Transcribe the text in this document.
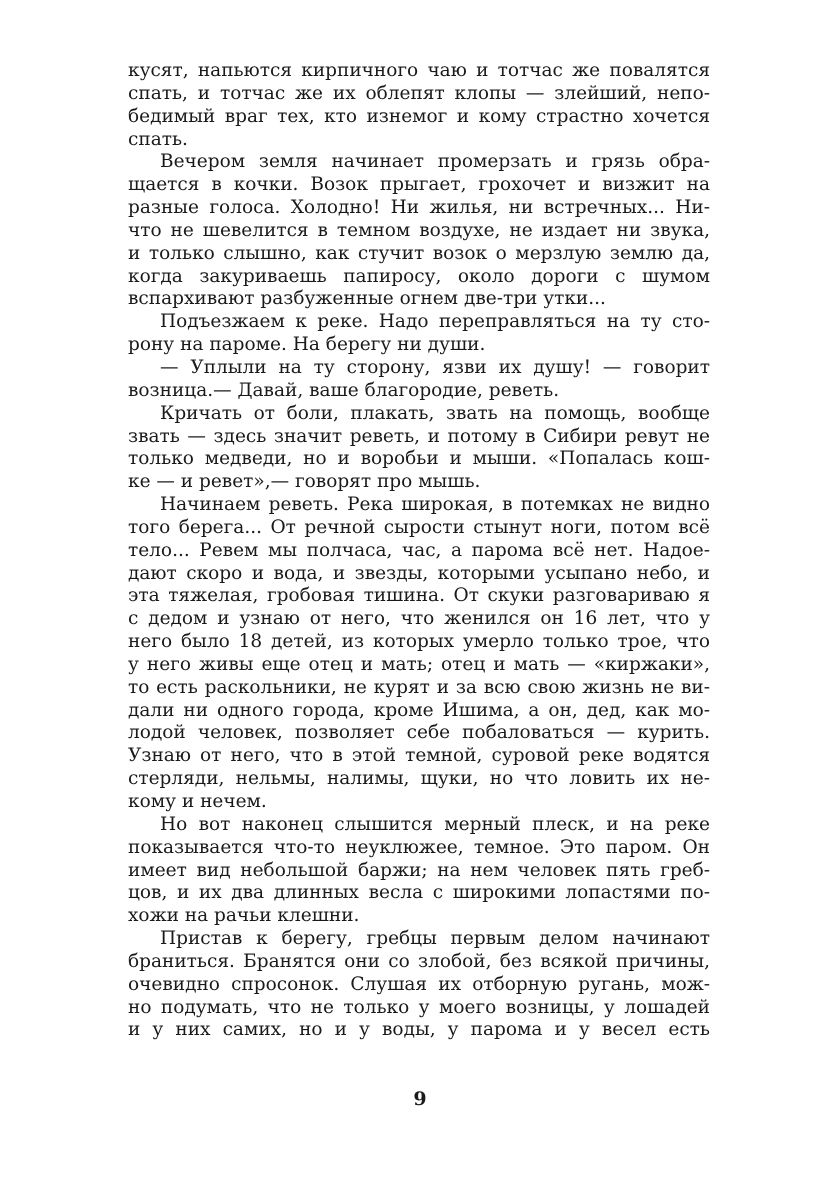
кусят, напьются кирпичного чаю и тотчас же повалятся
спать, и тотчас же их облепят клопы — злейший, непо-
бедимый враг тех, кто изнемог и кому страстно хочется
спать.
Вечером земля начинает промерзать и грязь обра-
щается в кочки. Возок прыгает, грохочет и визжит на
разные голоса. Холодно! Ни жилья, ни встречных... Ни-
что не шевелится в темном воздухе, не издает ни звука,
и только слышно, как стучит возок о мерзлую землю да,
когда закуриваешь папиросу, около дороги с шумом
вспархивают разбуженные огнем две-три утки...
Подъезжаем к реке. Надо переправляться на ту сто-
рону на пароме. На берегу ни души.
— Уплыли на ту сторону, язви их душу! — говорит
возница.— Давай, ваше благородие, реветь.
Кричать от боли, плакать, звать на помощь, вообще
звать — здесь значит реветь, и потому в Сибири ревут не
только медведи, но и воробьи и мыши. «Попалась кош-
ке — и ревет»,— говорят про мышь.
Начинаем реветь. Река широкая, в потемках не видно
того берега... От речной сырости стынут ноги, потом всё
тело... Ревем мы полчаса, час, а парома всё нет. Надое-
дают скоро и вода, и звезды, которыми усыпано небо, и
эта тяжелая, гробовая тишина. От скуки разговариваю я
с дедом и узнаю от него, что женился он 16 лет, что у
него было 18 детей, из которых умерло только трое, что
у него живы еще отец и мать; отец и мать — «киржаки»,
то есть раскольники, не курят и за всю свою жизнь не ви-
дали ни одного города, кроме Ишима, а он, дед, как мо-
лодой человек, позволяет себе побаловаться — курить.
Узнаю от него, что в этой темной, суровой реке водятся
стерляди, нельмы, налимы, щуки, но что ловить их не-
кому и нечем.
Но вот наконец слышится мерный плеск, и на реке
показывается что-то неуклюжее, темное. Это паром. Он
имеет вид небольшой баржи; на нем человек пять греб-
цов, и их два длинных весла с широкими лопастями по-
хожи на рачьи клешни.
Пристав к берегу, гребцы первым делом начинают
браниться. Бранятся они со злобой, без всякой причины,
очевидно спросонок. Слушая их отборную ругань, мож-
но подумать, что не только у моего возницы, у лошадей
и у них самих, но и у воды, у парома и у весел есть
9
